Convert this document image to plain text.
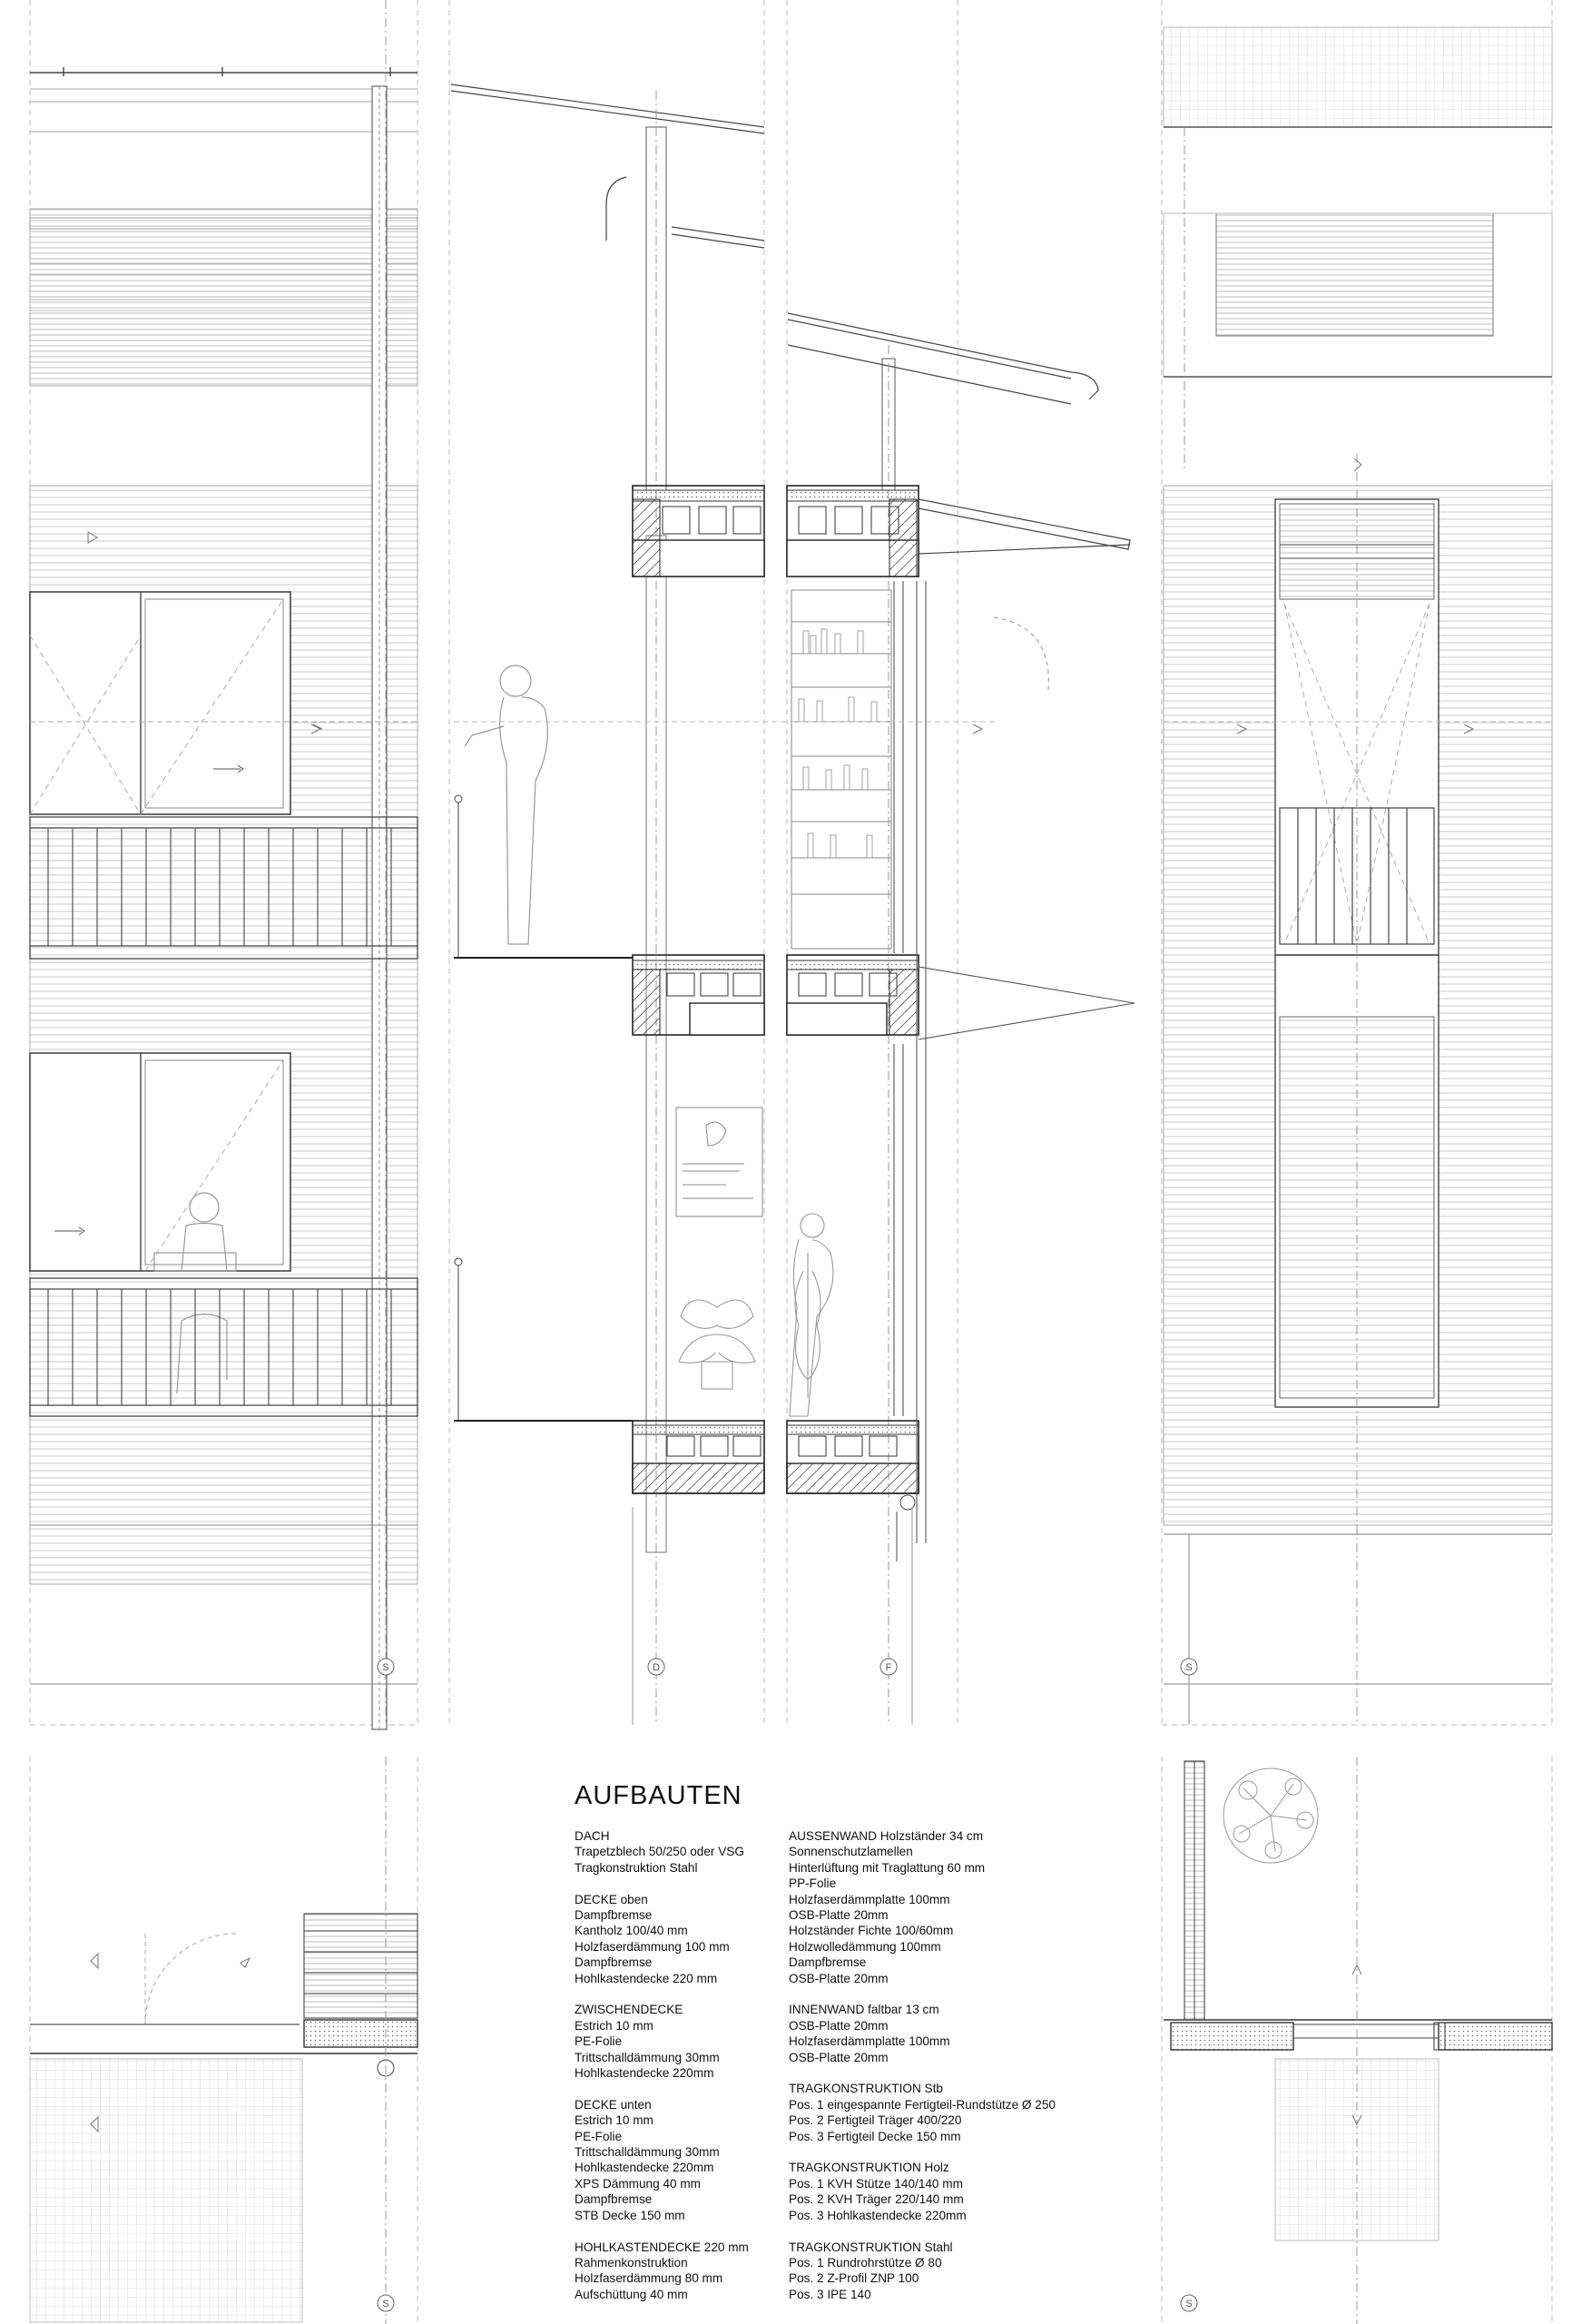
S	D	F	S
S	S
AUFBAUTEN
DACH
Trapetzblech 50/250 oder VSG
Tragkonstruktion Stahl
DECKE oben
Dampfbremse
Kantholz 100/40 mm
Holzfaserdämmung 100 mm
Dampfbremse
Hohlkastendecke 220 mm
ZWISCHENDECKE
Estrich 10 mm
PE-Folie
Trittschalldämmung 30mm
Hohlkastendecke 220mm
DECKE unten
Estrich 10 mm
PE-Folie
Trittschalldämmung 30mm
Hohlkastendecke 220mm
XPS Dämmung 40 mm
Dampfbremse
STB Decke 150 mm
HOHLKASTENDECKE 220 mm
Rahmenkonstruktion
Holzfaserdämmung 80 mm
Aufschüttung 40 mm
AUSSENWAND Holzständer 34 cm
Sonnenschutzlamellen
Hinterlüftung mit Traglattung 60 mm
PP-Folie
Holzfaserdämmplatte 100mm
OSB-Platte 20mm
Holzständer Fichte 100/60mm
Holzwolledämmung 100mm
Dampfbremse
OSB-Platte 20mm
INNENWAND faltbar 13 cm
OSB-Platte 20mm
Holzfaserdämmplatte 100mm
OSB-Platte 20mm
TRAGKONSTRUKTION Stb
Pos. 1 eingespannte Fertigteil-Rundstütze Ø 250
Pos. 2 Fertigteil Träger 400/220
Pos. 3 Fertigteil Decke 150 mm
TRAGKONSTRUKTION Holz
Pos. 1 KVH Stütze 140/140 mm
Pos. 2 KVH Träger 220/140 mm
Pos. 3 Hohlkastendecke 220mm
TRAGKONSTRUKTION Stahl
Pos. 1 Rundrohrstütze Ø 80
Pos. 2 Z-Profil ZNP 100
Pos. 3 IPE 140
